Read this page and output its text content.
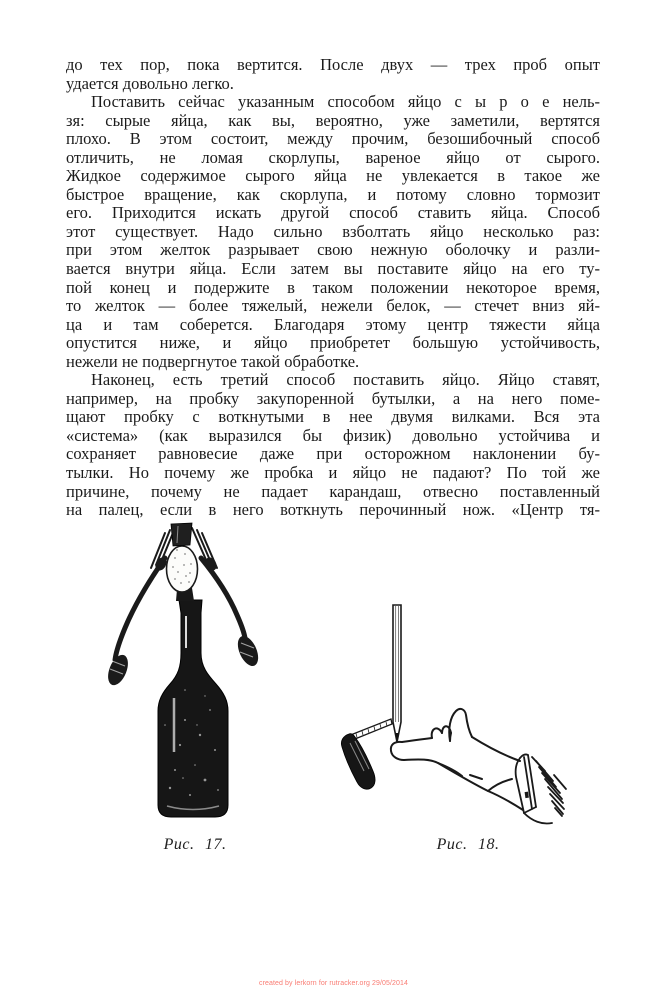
до тех пор, пока вертится. После двух — трех проб опыт

удается довольно легко.

Поставить сейчас указанным способом яйцо с ы р о е нель-

зя: сырые яйца, как вы, вероятно, уже заметили, вертятся

плохо. В этом состоит, между прочим, безошибочный способ

отличить, не ломая скорлупы, вареное яйцо от сырого.

Жидкое содержимое сырого яйца не увлекается в такое же

быстрое вращение, как скорлупа, и потому словно тормозит

его. Приходится искать другой способ ставить яйца. Способ

этот существует. Надо сильно взболтать яйцо несколько раз:

при этом желток разрывает свою нежную оболочку и разли-

вается внутри яйца. Если затем вы поставите яйцо на его ту-

пой конец и подержите в таком положении некоторое время,

то желток — более тяжелый, нежели белок, — стечет вниз яй-

ца и там соберется. Благодаря этому центр тяжести яйца

опустится ниже, и яйцо приобретет большую устойчивость,

нежели не подвергнутое такой обработке.

Наконец, есть третий способ поставить яйцо. Яйцо ставят,

например, на пробку закупоренной бутылки, а на него поме-

щают пробку с воткнутыми в нее двумя вилками. Вся эта

«система» (как выразился бы физик) довольно устойчива и

сохраняет равновесие даже при осторожном наклонении бу-

тылки. Но почему же пробка и яйцо не падают? По той же

причине, почему не падает карандаш, отвесно поставленный

на палец, если в него воткнуть перочинный нож. «Центр тя-

Рис. 17.	Рис. 18.
created by lerkorn for rutracker.org 29/05/2014
